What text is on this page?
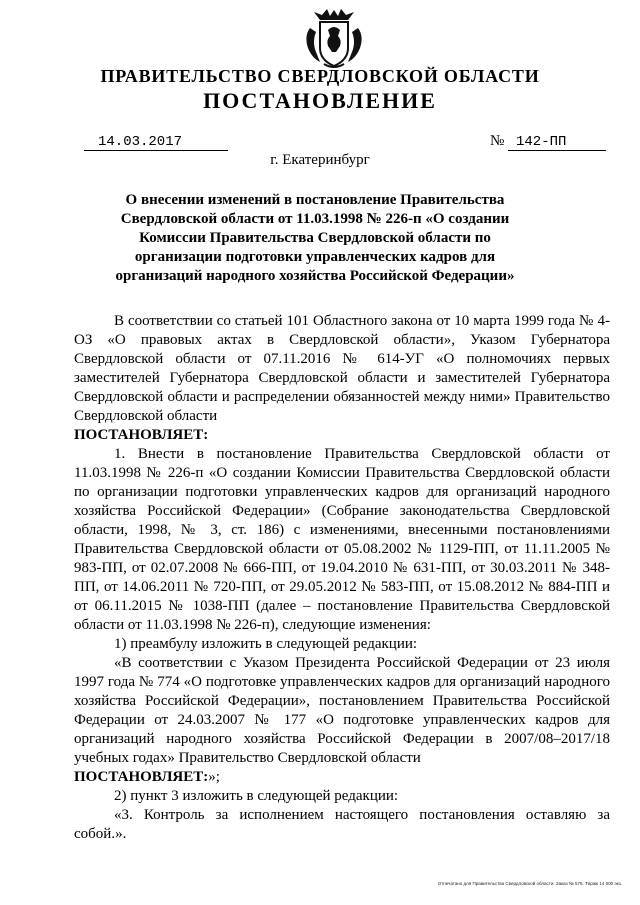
ПРАВИТЕЛЬСТВО СВЕРДЛОВСКОЙ ОБЛАСТИ
ПОСТАНОВЛЕНИЕ
14.03.2017	№ 142-ПП
г. Екатеринбург
О внесении изменений в постановление Правительства Свердловской области от 11.03.1998 № 226-п «О создании Комиссии Правительства Свердловской области по организации подготовки управленческих кадров для организаций народного хозяйства Российской Федерации»

В соответствии со статьей 101 Областного закона от 10 марта 1999 года № 4-ОЗ «О правовых актах в Свердловской области», Указом Губернатора Свердловской области от 07.11.2016 № 614-УГ «О полномочиях первых заместителей Губернатора Свердловской области и заместителей Губернатора Свердловской области и распределении обязанностей между ними» Правительство Свердловской области

ПОСТАНОВЛЯЕТ:

1. Внести в постановление Правительства Свердловской области от 11.03.1998 № 226-п «О создании Комиссии Правительства Свердловской области по организации подготовки управленческих кадров для организаций народного хозяйства Российской Федерации» (Собрание законодательства Свердловской области, 1998, № 3, ст. 186) с изменениями, внесенными постановлениями Правительства Свердловской области от 05.08.2002 № 1129-ПП, от 11.11.2005 № 983-ПП, от 02.07.2008 № 666-ПП, от 19.04.2010 № 631-ПП, от 30.03.2011 № 348-ПП, от 14.06.2011 № 720-ПП, от 29.05.2012 № 583-ПП, от 15.08.2012 № 884-ПП и от 06.11.2015 № 1038-ПП (далее – постановление Правительства Свердловской области от 11.03.1998 № 226-п), следующие изменения:

1) преамбулу изложить в следующей редакции:

«В соответствии с Указом Президента Российской Федерации от 23 июля 1997 года № 774 «О подготовке управленческих кадров для организаций народного хозяйства Российской Федерации», постановлением Правительства Российской Федерации от 24.03.2007 № 177 «О подготовке управленческих кадров для организаций народного хозяйства Российской Федерации в 2007/08–2017/18 учебных годах» Правительство Свердловской области

ПОСТАНОВЛЯЕТ:»;

2) пункт 3 изложить в следующей редакции:

«3. Контроль за исполнением настоящего постановления оставляю за собой.».

Отпечатано для Правительства Свердловской области. Заказ № 575. Тираж 14 000 экз.
